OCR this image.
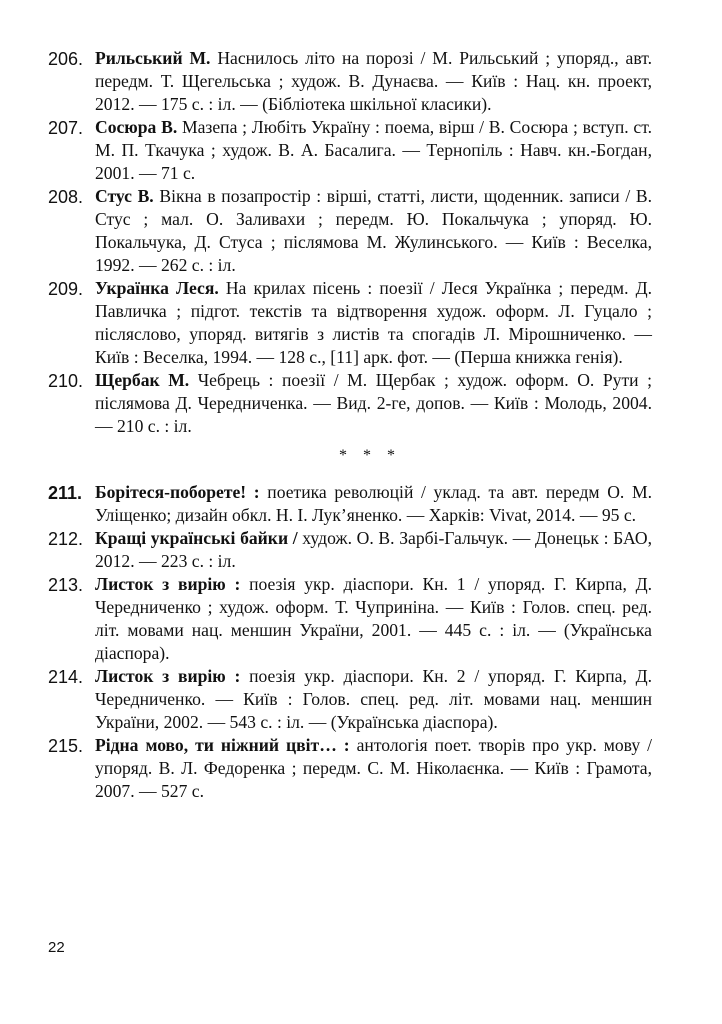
206. Рильський М. Наснилось літо на порозі / М. Рильський ; упоряд., авт. передм. Т. Щегельська ; худож. В. Дунаєва. — Київ : Нац. кн. проект, 2012. — 175 с. : іл. — (Бібліотека шкільної класики).
207. Сосюра В. Мазепа ; Любіть Україну : поема, вірш / В. Сосюра ; вступ. ст. М. П. Ткачука ; худож. В. А. Басалига. — Тернопіль : Навч. кн.-Богдан, 2001. — 71 с.
208. Стус В. Вікна в позапростір : вірші, статті, листи, щоденник. записи / В. Стус ; мал. О. Заливахи ; передм. Ю. Покальчука ; упоряд. Ю. Покальчука, Д. Стуса ; післямова М. Жулинського. — Київ : Веселка, 1992. — 262 с. : іл.
209. Українка Леся. На крилах пісень : поезії / Леся Українка ; передм. Д. Павличка ; підгот. текстів та відтворення худож. оформ. Л. Гуцало ; післяслово, упоряд. витягів з листів та спогадів Л. Мірошниченко. — Київ : Веселка, 1994. — 128 с., [11] арк. фот. — (Перша книжка генія).
210. Щербак М. Чебрець : поезії / М. Щербак ; худож. оформ. О. Рути ; післямова Д. Чередниченка. — Вид. 2-ге, допов. — Київ : Молодь, 2004. — 210 с. : іл.
* * *
211. Борітеся-поборете! : поетика революцій / уклад. та авт. передм О. М. Уліщенко; дизайн обкл. Н. І. Лук’яненко. — Харків: Vivat, 2014. — 95 с.
212. Кращі українські байки / худож. О. В. Зарбі-Гальчук. — Донецьк : БАО, 2012. — 223 с. : іл.
213. Листок з вирію : поезія укр. діаспори. Кн. 1 / упоряд. Г. Кирпа, Д. Чередниченко ; худож. оформ. Т. Чуприніна. — Київ : Голов. спец. ред. літ. мовами нац. меншин України, 2001. — 445 с. : іл. — (Українська діаспора).
214. Листок з вирію : поезія укр. діаспори. Кн. 2 / упоряд. Г. Кирпа, Д. Чередниченко. — Київ : Голов. спец. ред. літ. мовами нац. меншин України, 2002. — 543 с. : іл. — (Українська діаспора).
215. Рідна мово, ти ніжний цвіт… : антологія поет. творів про укр. мову / упоряд. В. Л. Федоренка ; передм. С. М. Ніколаєнка. — Київ : Грамота, 2007. — 527 с.
22
